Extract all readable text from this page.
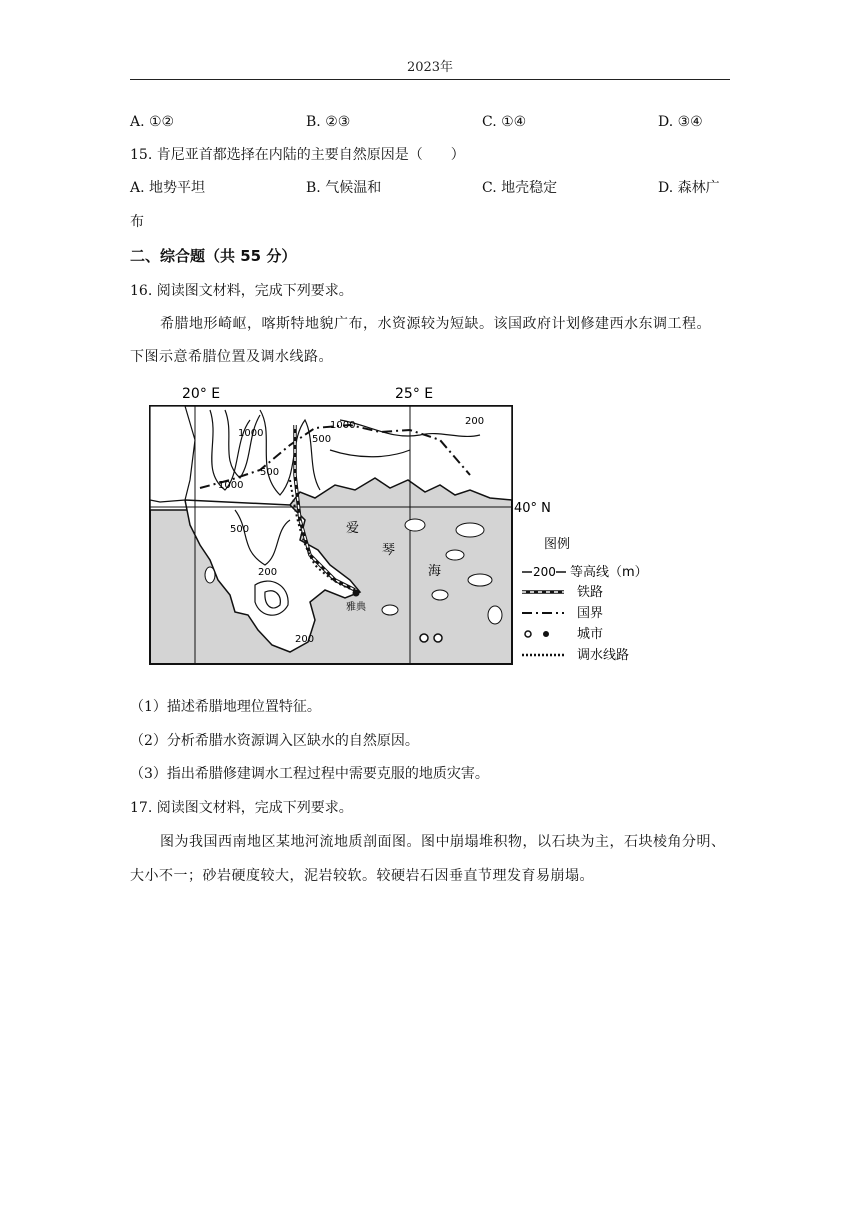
2023年
A. ①②	B. ②③	C. ①④	D. ③④
15. 肯尼亚首都选择在内陆的主要自然原因是（　　）
A. 地势平坦	B. 气候温和	C. 地壳稳定	D. 森林广
布
二、综合题（共 55 分）
16. 阅读图文材料，完成下列要求。
希腊地形崎岖，喀斯特地貌广布，水资源较为短缺。该国政府计划修建西水东调工程。
下图示意希腊位置及调水线路。
20° E	25° E
1000
1000
500
500
1000
500
200
200
200
爱
琴
海
雅典
40° N
图例
200 等高线（m）
铁路
国界
城市
调水线路
（1）描述希腊地理位置特征。
（2）分析希腊水资源调入区缺水的自然原因。
（3）指出希腊修建调水工程过程中需要克服的地质灾害。
17. 阅读图文材料，完成下列要求。
图为我国西南地区某地河流地质剖面图。图中崩塌堆积物，以石块为主，石块棱角分明、
大小不一；砂岩硬度较大，泥岩较软。较硬岩石因垂直节理发育易崩塌。
